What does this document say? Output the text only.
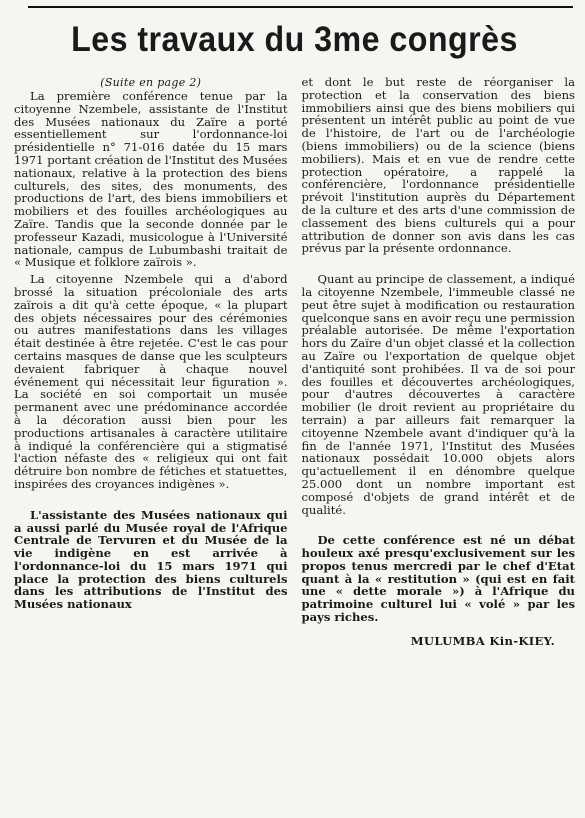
Les travaux du 3me congrès
(Suite en page 2)

La première conférence tenue par la citoyenne Nzembele, assistante de l'Institut des Musées nationaux du Zaïre a porté essentiellement sur l'ordonnance-loi présidentielle n° 71-016 datée du 15 mars 1971 portant création de l'Institut des Musées nationaux, relative à la protection des biens culturels, des sites, des monuments, des productions de l'art, des biens immobiliers et mobiliers et des fouilles archéologiques au Zaïre. Tandis que la seconde donnée par le professeur Kazadi, musicologue à l'Université nationale, campus de Lubumbashi traitait de « Musique et folklore zaïrois ».

La citoyenne Nzembele qui a d'abord brossé la situation précoloniale des arts zaïrois a dit qu'à cette époque, « la plupart des objets nécessaires pour des cérémonies ou autres manifestations dans les villages était destinée à être rejetée. C'est le cas pour certains masques de danse que les sculpteurs devaient fabriquer à chaque nouvel événement qui nécessitait leur figuration ». La société en soi comportait un musée permanent avec une prédominance accordée à la décoration aussi bien pour les productions artisanales à caractère utilitaire à indiqué la conférencière qui a stigmatisé l'action néfaste des « religieux qui ont fait détruire bon nombre de fétiches et statuettes, inspirées des croyances indigènes ».

L'assistante des Musées nationaux qui a aussi parlé du Musée royal de l'Afrique Centrale de Tervuren et du Musée de la vie indigène en est arrivée à l'ordonnance-loi du 15 mars 1971 qui place la protection des biens culturels dans les attributions de l'Institut des Musées nationaux

et dont le but reste de réorganiser la protection et la conservation des biens immobiliers ainsi que des biens mobiliers qui présentent un intérêt public au point de vue de l'histoire, de l'art ou de l'archéologie (biens immobiliers) ou de la science (biens mobiliers). Mais et en vue de rendre cette protection opératoire, a rappelé la conférencière, l'ordonnance présidentielle prévoit l'institution auprès du Département de la culture et des arts d'une commission de classement des biens culturels qui a pour attribution de donner son avis dans les cas prévus par la présente ordonnance.

Quant au principe de classement, a indiqué la citoyenne Nzembele, l'immeuble classé ne peut être sujet à modification ou restauration quelconque sans en avoir reçu une permission préalable autorisée. De même l'exportation hors du Zaïre d'un objet classé et la collection au Zaïre ou l'exportation de quelque objet d'antiquité sont prohibées. Il va de soi pour des fouilles et découvertes archéologiques, pour d'autres découvertes à caractère mobilier (le droit revient au propriétaire du terrain) a par ailleurs fait remarquer la citoyenne Nzembele avant d'indiquer qu'à la fin de l'année 1971, l'Institut des Musées nationaux possédait 10.000 objets alors qu'actuellement il en dénombre quelque 25.000 dont un nombre important est composé d'objets de grand intérêt et de qualité.

De cette conférence est né un débat houleux axé presqu'exclusivement sur les propos tenus mercredi par le chef d'Etat quant à la « restitution » (qui est en fait une « dette morale ») à l'Afrique du patrimoine culturel lui « volé » par les pays riches.

MULUMBA Kin-KIEY.
